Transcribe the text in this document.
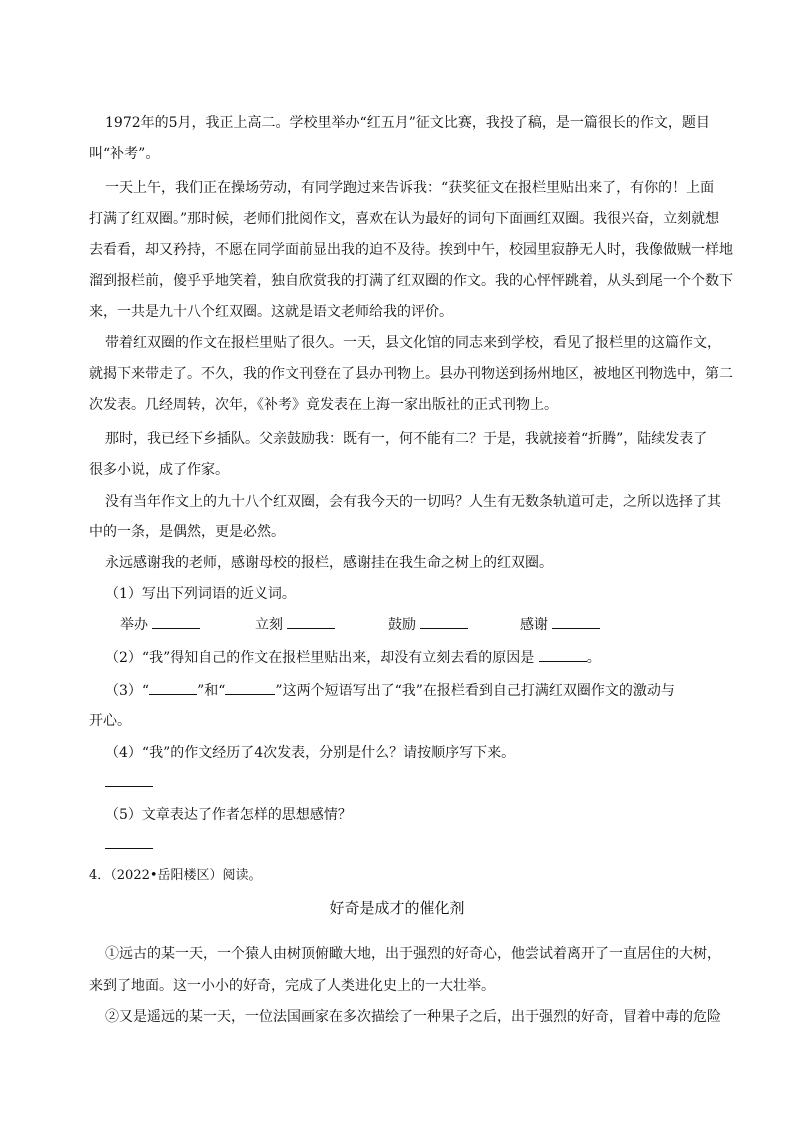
1972年的5月，我正上高二。学校里举办“红五月”征文比赛，我投了稿，是一篇很长的作文，题目
叫“补考”。
一天上午，我们正在操场劳动，有同学跑过来告诉我：“获奖征文在报栏里贴出来了，有你的！上面
打满了红双圈。”那时候，老师们批阅作文，喜欢在认为最好的词句下面画红双圈。我很兴奋，立刻就想
去看看，却又矜持，不愿在同学面前显出我的迫不及待。挨到中午，校园里寂静无人时，我像做贼一样地
溜到报栏前，傻乎乎地笑着，独自欣赏我的打满了红双圈的作文。我的心怦怦跳着，从头到尾一个个数下
来，一共是九十八个红双圈。这就是语文老师给我的评价。
带着红双圈的作文在报栏里贴了很久。一天，县文化馆的同志来到学校，看见了报栏里的这篇作文，
就揭下来带走了。不久，我的作文刊登在了县办刊物上。县办刊物送到扬州地区，被地区刊物选中，第二
次发表。几经周转，次年，《补考》竟发表在上海一家出版社的正式刊物上。
那时，我已经下乡插队。父亲鼓励我：既有一，何不能有二？于是，我就接着“折腾”，陆续发表了
很多小说，成了作家。
没有当年作文上的九十八个红双圈，会有我今天的一切吗？人生有无数条轨道可走，之所以选择了其
中的一条，是偶然，更是必然。
永远感谢我的老师，感谢母校的报栏，感谢挂在我生命之树上的红双圈。
（1）写出下列词语的近义词。
举办	立刻	鼓励	感谢
（2）“我”得知自己的作文在报栏里贴出来，却没有立刻去看的原因是	。
（3）“	”和“	”这两个短语写出了“我”在报栏看到自己打满红双圈作文的激动与
开心。
（4）“我”的作文经历了4次发表，分别是什么？请按顺序写下来。
（5）文章表达了作者怎样的思想感情？
4．（2022•岳阳楼区）阅读。
好奇是成才的催化剂
①远古的某一天，一个猿人由树顶俯瞰大地，出于强烈的好奇心，他尝试着离开了一直居住的大树，
来到了地面。这一小小的好奇，完成了人类进化史上的一大壮举。
②又是遥远的某一天，一位法国画家在多次描绘了一种果子之后，出于强烈的好奇，冒着中毒的危险
